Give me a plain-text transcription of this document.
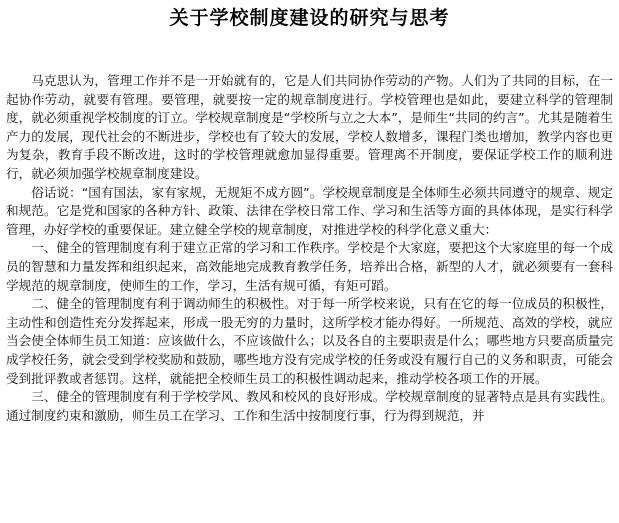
关于学校制度建设的研究与思考

马克思认为，管理工作并不是一开始就有的，它是人们共同协作劳动的产物。人们为了共同的目标，在一起协作劳动，就要有管理。要管理，就要按一定的规章制度进行。学校管理也是如此，要建立科学的管理制度，就必须重视学校制度的订立。学校规章制度是“学校所与立之大本”，是师生“共同的约言”。尤其是随着生产力的发展，现代社会的不断进步，学校也有了较大的发展，学校人数增多，课程门类也增加，教学内容也更为复杂，教育手段不断改进，这时的学校管理就愈加显得重要。管理离不开制度，要保证学校工作的顺利进行，就必须加强学校规章制度建设。

俗话说：“国有国法，家有家规，无规矩不成方圆”。学校规章制度是全体师生必须共同遵守的规章、规定和规范。它是党和国家的各种方针、政策、法律在学校日常工作、学习和生活等方面的具体体现，是实行科学管理，办好学校的重要保证。建立健全学校的规章制度，对推进学校的科学化意义重大：

一、健全的管理制度有利于建立正常的学习和工作秩序。学校是个大家庭，要把这个大家庭里的每一个成员的智慧和力量发挥和组织起来，高效能地完成教育教学任务，培养出合格，新型的人才，就必须要有一套科学规范的规章制度，使师生的工作，学习，生活有规可循，有矩可蹈。

二、健全的管理制度有利于调动师生的积极性。对于每一所学校来说，只有在它的每一位成员的积极性，主动性和创造性充分发挥起来，形成一股无穷的力量时，这所学校才能办得好。一所规范、高效的学校，就应当会使全体师生员工知道：应该做什么，不应该做什么；以及各自的主要职责是什么；哪些地方只要高质量完成学校任务，就会受到学校奖励和鼓励，哪些地方没有完成学校的任务或没有履行自己的义务和职责，可能会受到批评教或者惩罚。这样，就能把全校师生员工的积极性调动起来，推动学校各项工作的开展。

三、健全的管理制度有利于学校学风、教风和校风的良好形成。学校规章制度的显著特点是具有实践性。通过制度约束和激励，师生员工在学习、工作和生活中按制度行事，行为得到规范，并
